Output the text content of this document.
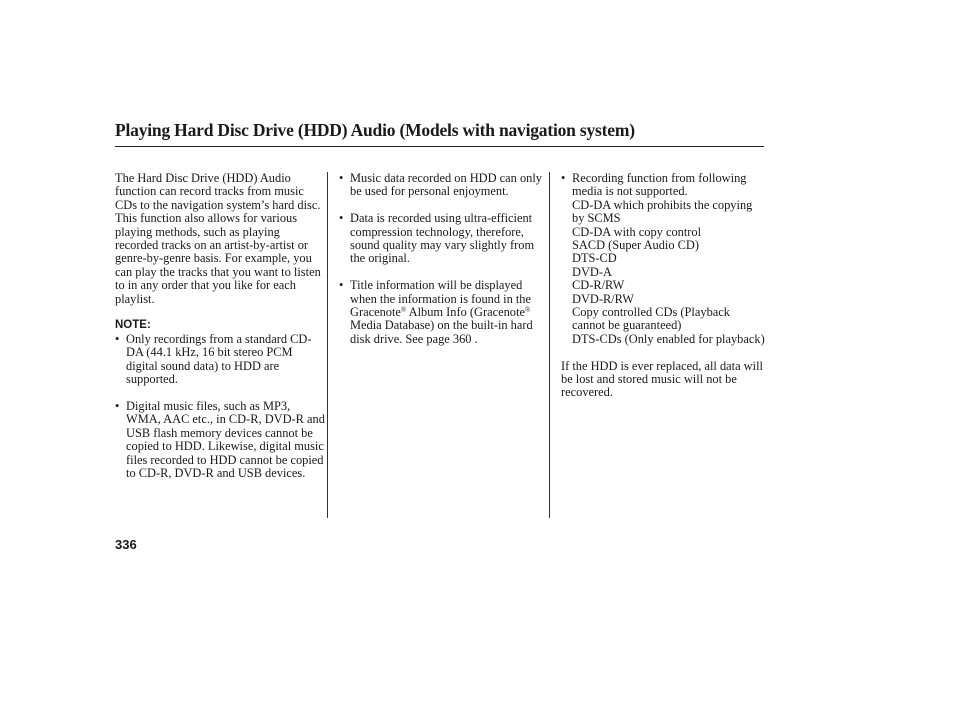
Playing Hard Disc Drive (HDD) Audio (Models with navigation system)

The Hard Disc Drive (HDD) Audio function can record tracks from music CDs to the navigation system’s hard disc. This function also allows for various playing methods, such as playing recorded tracks on an artist-by-artist or genre-by-genre basis. For example, you can play the tracks that you want to listen to in any order that you like for each playlist.

NOTE:

• Only recordings from a standard CD-DA (44.1 kHz, 16 bit stereo PCM digital sound data) to HDD are supported.

• Digital music files, such as MP3, WMA, AAC etc., in CD-R, DVD-R and USB flash memory devices cannot be copied to HDD. Likewise, digital music files recorded to HDD cannot be copied to CD-R, DVD-R and USB devices.

• Music data recorded on HDD can only be used for personal enjoyment.

• Data is recorded using ultra-efficient compression technology, therefore, sound quality may vary slightly from the original.

• Title information will be displayed when the information is found in the Gracenote® Album Info (Gracenote® Media Database) on the built-in hard disk drive. See page 360 .

• Recording function from following media is not supported.

CD-DA which prohibits the copying by SCMS

CD-DA with copy control

SACD (Super Audio CD)

DTS-CD

DVD-A

CD-R/RW

DVD-R/RW

Copy controlled CDs (Playback cannot be guaranteed)

DTS-CDs (Only enabled for playback)

If the HDD is ever replaced, all data will be lost and stored music will not be recovered.

336
